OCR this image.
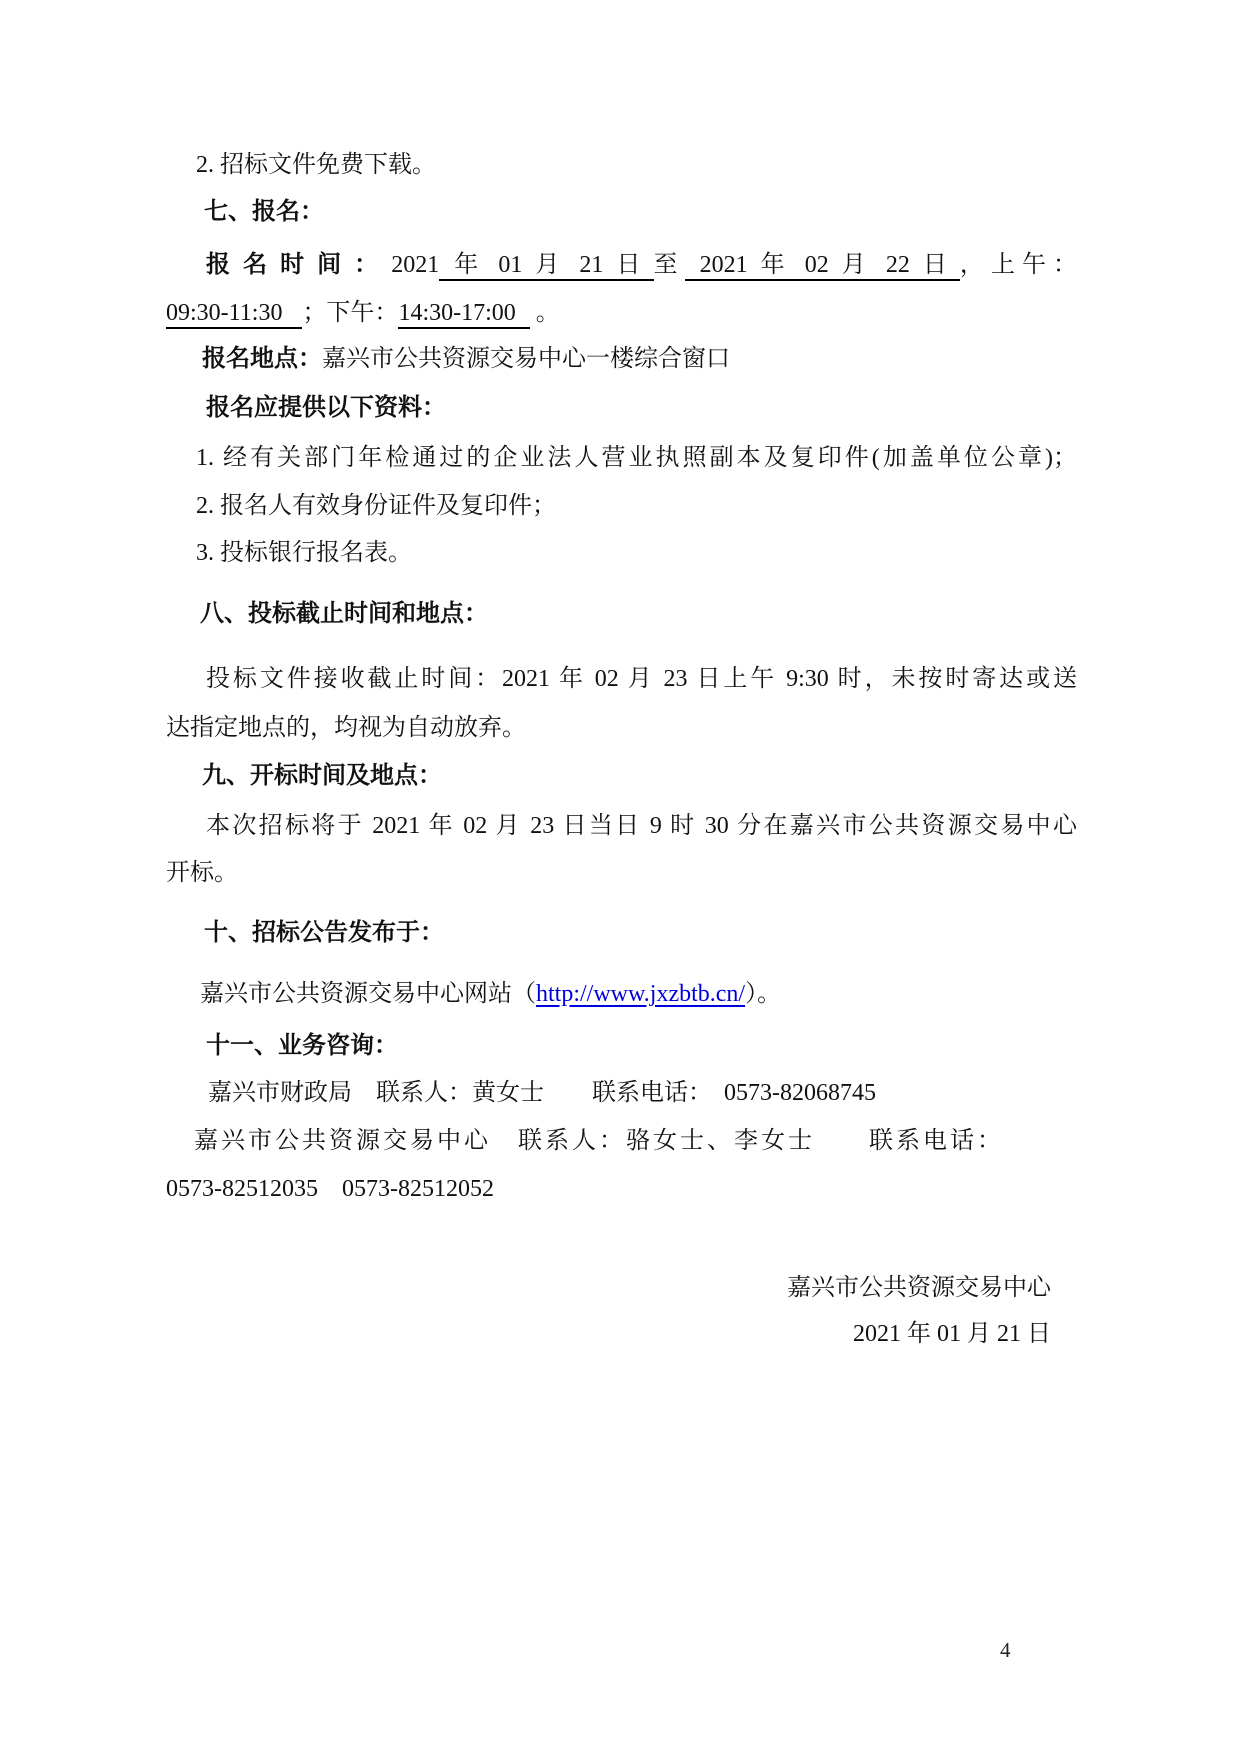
2. 招标文件免费下载。

七、报名：

报名时间：2021 年 01 月 21 日 至 2021 年 02 月 22 日 ，上午：

09:30-11:30 ；下午：14:30-17:00 。

报名地点：嘉兴市公共资源交易中心一楼综合窗口

报名应提供以下资料：

1. 经有关部门年检通过的企业法人营业执照副本及复印件(加盖单位公章)；

2. 报名人有效身份证件及复印件；

3. 投标银行报名表。

八、投标截止时间和地点：

投标文件接收截止时间：2021 年 02 月 23 日上午 9:30 时，未按时寄达或送

达指定地点的，均视为自动放弃。

九、开标时间及地点：

本次招标将于 2021 年 02 月 23 日当日 9 时 30 分在嘉兴市公共资源交易中心

开标。

十、招标公告发布于：

嘉兴市公共资源交易中心网站（http://www.jxzbtb.cn/）。

十一、业务咨询：

嘉兴市财政局　联系人：黄女士　　联系电话：　0573-82068745

嘉兴市公共资源交易中心　联系人：骆女士、李女士　　联系电话：

0573-82512035　0573-82512052

嘉兴市公共资源交易中心

2021 年 01 月 21 日

4
